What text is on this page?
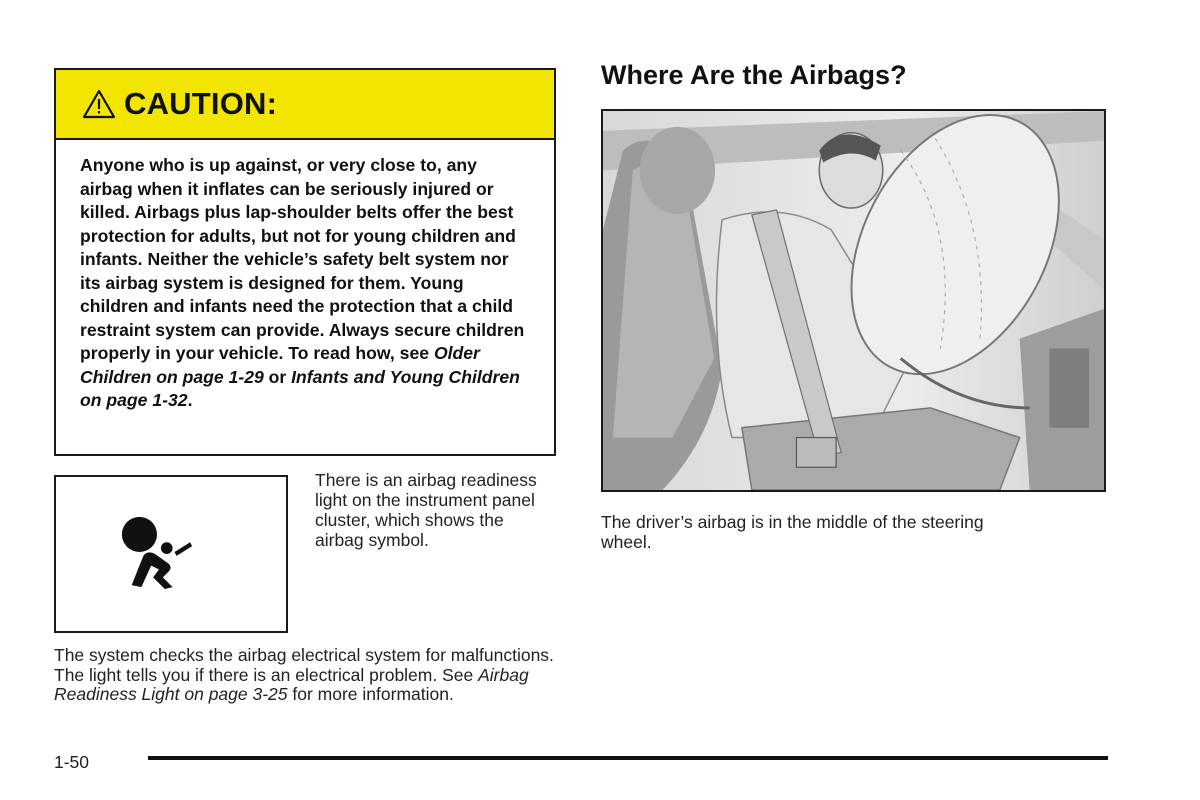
CAUTION:
Anyone who is up against, or very close to, any airbag when it inflates can be seriously injured or killed. Airbags plus lap-shoulder belts offer the best protection for adults, but not for young children and infants. Neither the vehicle’s safety belt system nor its airbag system is designed for them. Young children and infants need the protection that a child restraint system can provide. Always secure children properly in your vehicle. To read how, see Older Children on page 1-29 or Infants and Young Children on page 1-32.
There is an airbag readiness light on the instrument panel cluster, which shows the airbag symbol.
The system checks the airbag electrical system for malfunctions. The light tells you if there is an electrical problem. See Airbag Readiness Light on page 3-25 for more information.
Where Are the Airbags?
The driver’s airbag is in the middle of the steering wheel.
1-50
